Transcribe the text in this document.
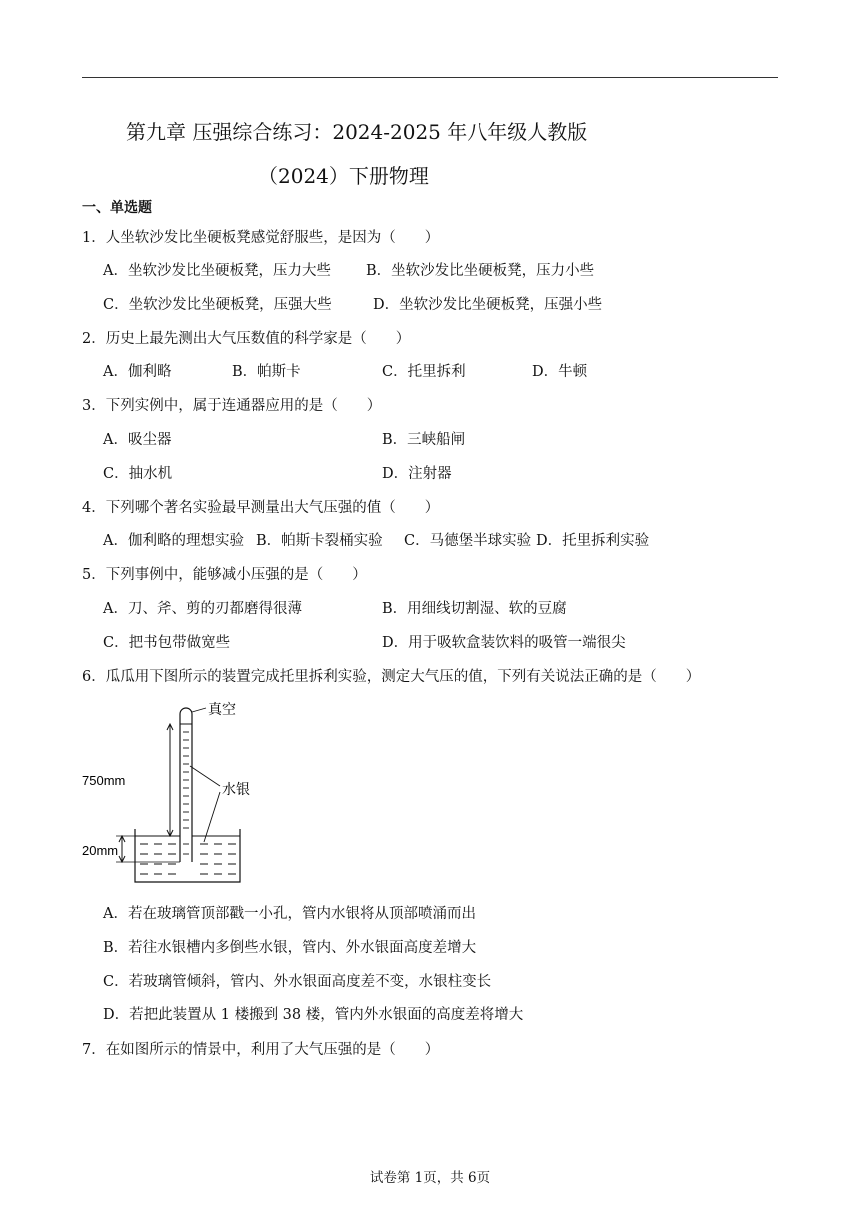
第九章 压强综合练习：2024-2025 年八年级人教版
（2024）下册物理
一、单选题
1．人坐软沙发比坐硬板凳感觉舒服些，是因为（　　）
A．坐软沙发比坐硬板凳，压力大些 B．坐软沙发比坐硬板凳，压力小些
C．坐软沙发比坐硬板凳，压强大些	D．坐软沙发比坐硬板凳，压强小些
2．历史上最先测出大气压数值的科学家是（　　）
A．伽利略	B．帕斯卡	C．托里拆利	D．牛顿
3．下列实例中，属于连通器应用的是（　　）
A．吸尘器	B．三峡船闸
C．抽水机	D．注射器
4．下列哪个著名实验最早测量出大气压强的值（　　）
A．伽利略的理想实验 B．帕斯卡裂桶实验 C．马德堡半球实验 D．托里拆利实验
5．下列事例中，能够减小压强的是（　　）
A．刀、斧、剪的刃都磨得很薄	B．用细线切割湿、软的豆腐
C．把书包带做宽些	D．用于吸软盒装饮料的吸管一端很尖
6．瓜瓜用下图所示的装置完成托里拆利实验，测定大气压的值，下列有关说法正确的是（　　）
真空
水银
750mm
20mm
A．若在玻璃管顶部戳一小孔，管内水银将从顶部喷涌而出
B．若往水银槽内多倒些水银，管内、外水银面高度差增大
C．若玻璃管倾斜，管内、外水银面高度差不变，水银柱变长
D．若把此装置从 1 楼搬到 38 楼，管内外水银面的高度差将增大
7．在如图所示的情景中，利用了大气压强的是（　　）
试卷第 1页，共 6页
